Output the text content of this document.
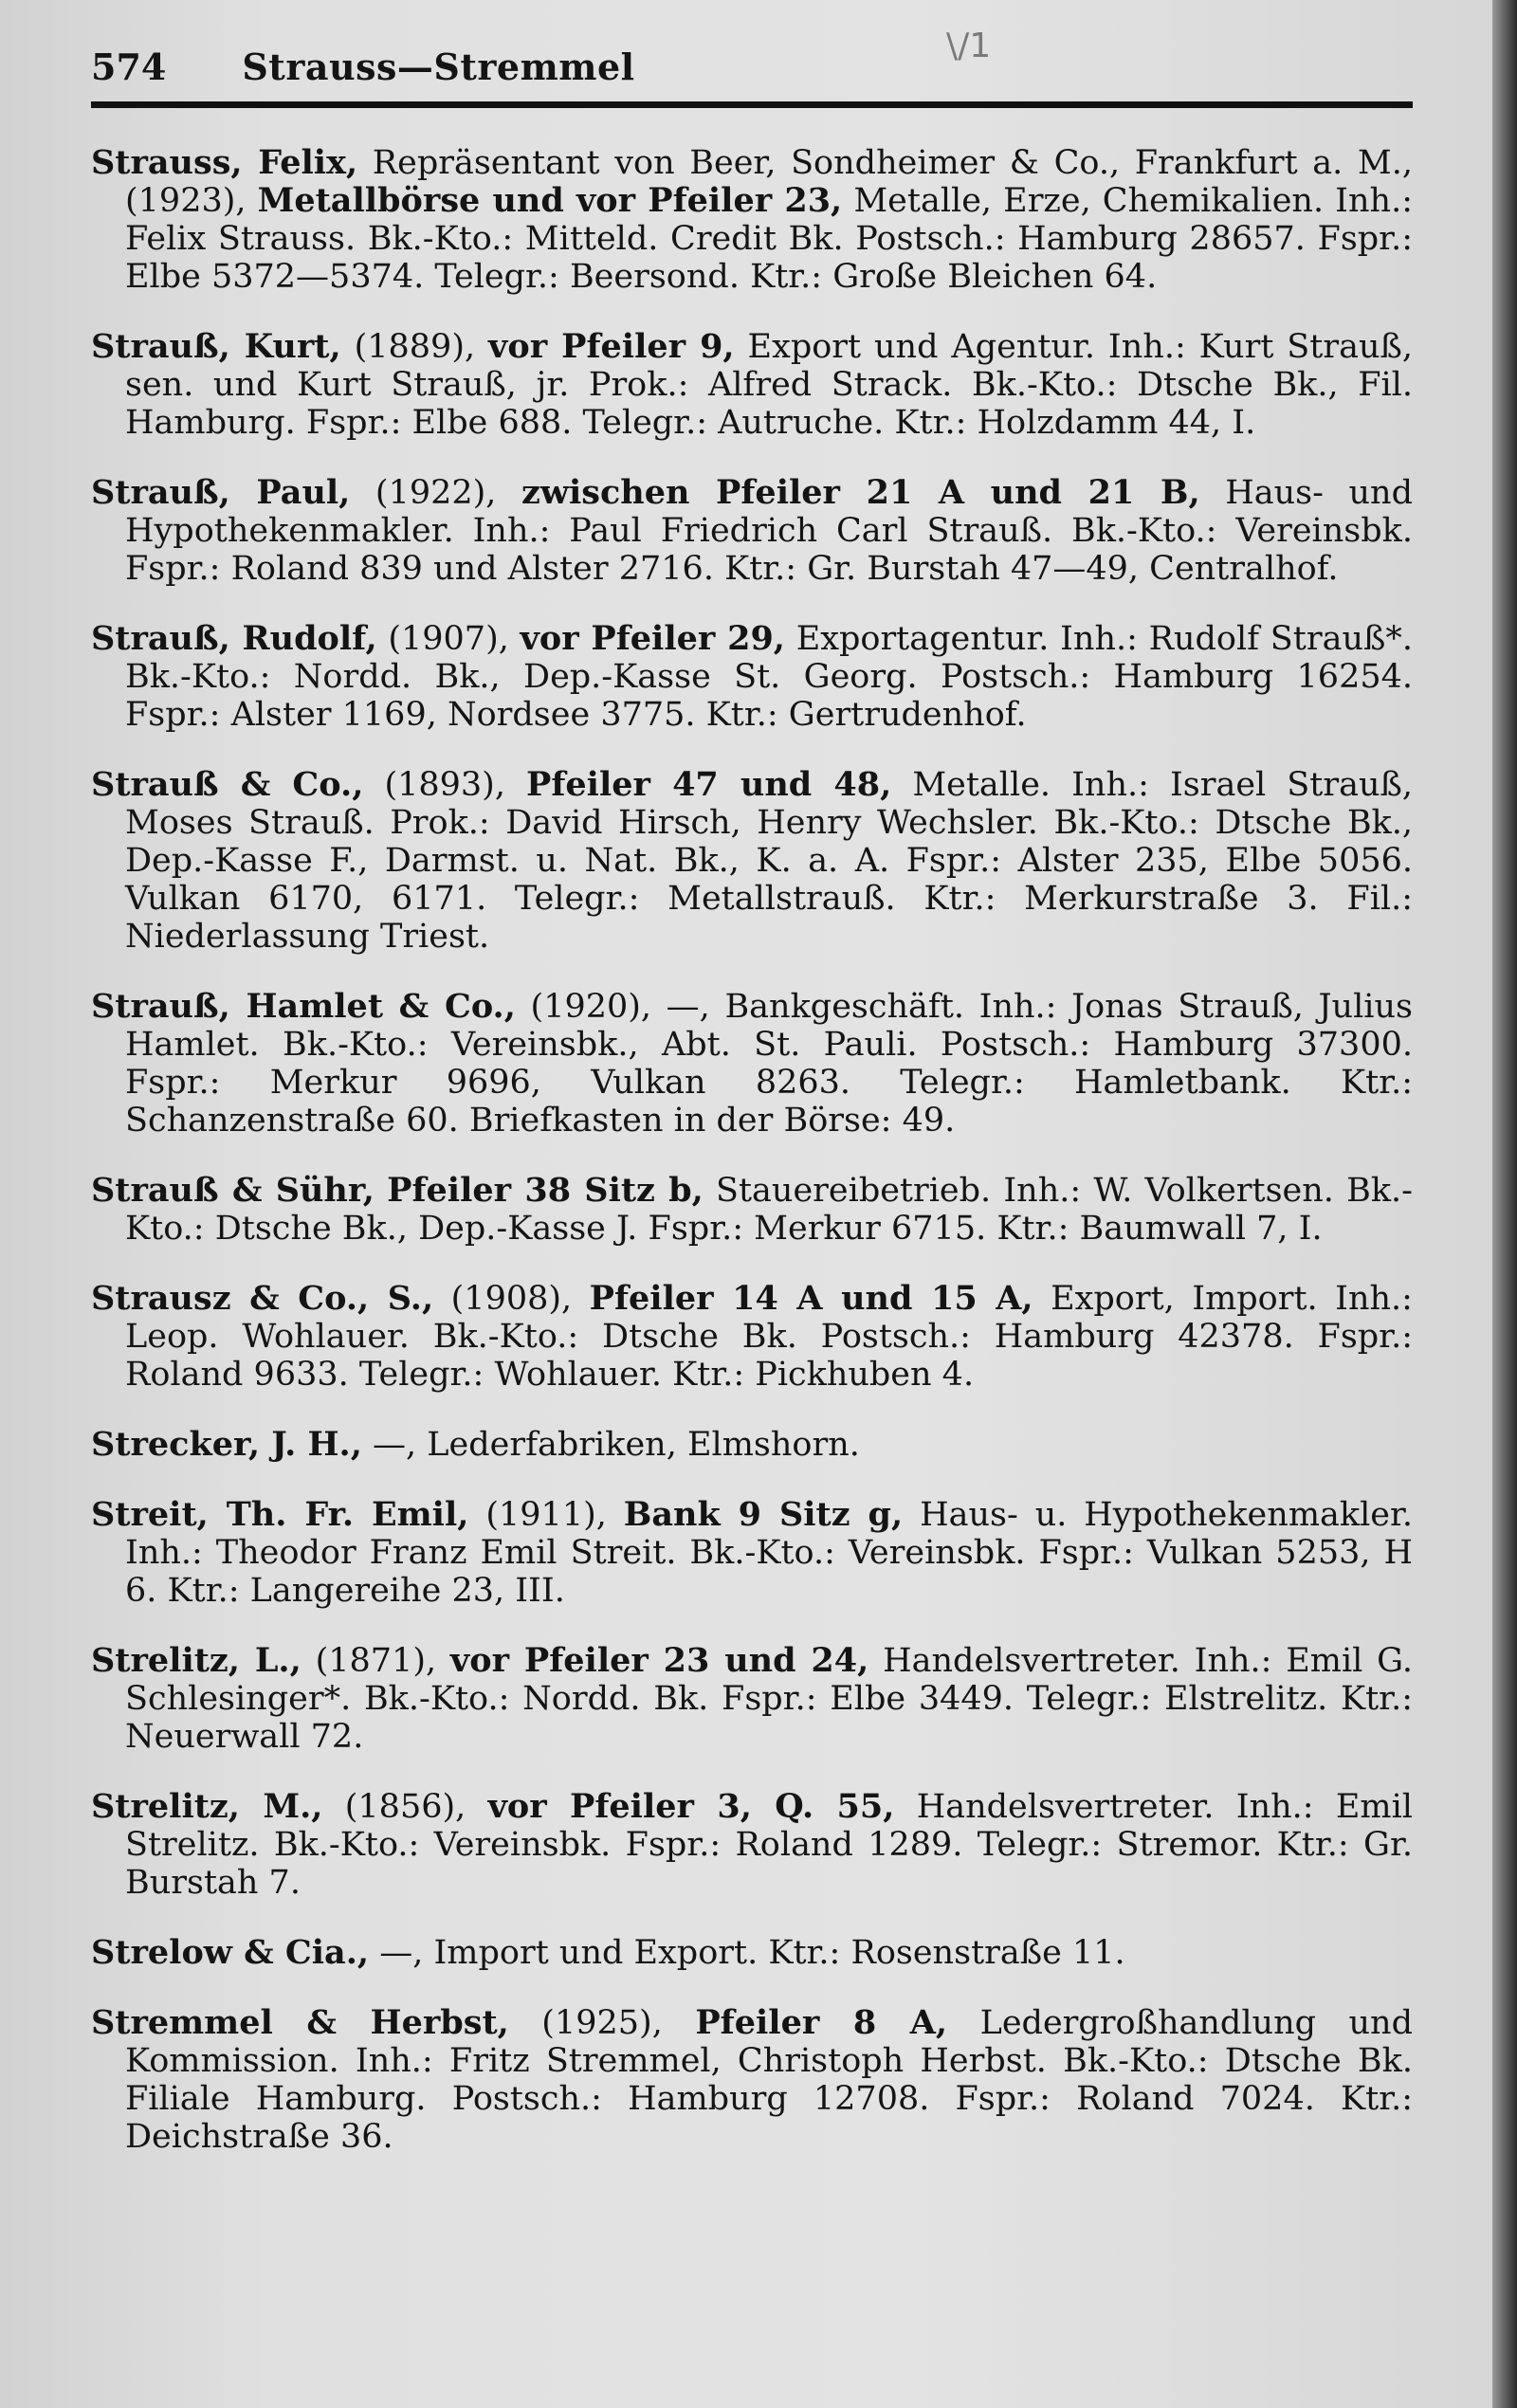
\/1
574 Strauss—Stremmel
Strauss, Felix, Repräsentant von Beer, Sondheimer & Co., Frankfurt a. M., (1923), Metallbörse und vor Pfeiler 23, Metalle, Erze, Chemikalien. Inh.: Felix Strauss. Bk.-Kto.: Mitteld. Credit Bk. Postsch.: Hamburg 28657. Fspr.: Elbe 5372—5374. Telegr.: Beersond. Ktr.: Große Bleichen 64.
Strauß, Kurt, (1889), vor Pfeiler 9, Export und Agentur. Inh.: Kurt Strauß, sen. und Kurt Strauß, jr. Prok.: Alfred Strack. Bk.-Kto.: Dtsche Bk., Fil. Hamburg. Fspr.: Elbe 688. Telegr.: Autruche. Ktr.: Holzdamm 44, I.
Strauß, Paul, (1922), zwischen Pfeiler 21 A und 21 B, Haus- und Hypothekenmakler. Inh.: Paul Friedrich Carl Strauß. Bk.-Kto.: Vereinsbk. Fspr.: Roland 839 und Alster 2716. Ktr.: Gr. Burstah 47—49, Centralhof.
Strauß, Rudolf, (1907), vor Pfeiler 29, Exportagentur. Inh.: Rudolf Strauß*. Bk.-Kto.: Nordd. Bk., Dep.-Kasse St. Georg. Postsch.: Hamburg 16254. Fspr.: Alster 1169, Nordsee 3775. Ktr.: Gertrudenhof.
Strauß & Co., (1893), Pfeiler 47 und 48, Metalle. Inh.: Israel Strauß, Moses Strauß. Prok.: David Hirsch, Henry Wechsler. Bk.-Kto.: Dtsche Bk., Dep.-Kasse F., Darmst. u. Nat. Bk., K. a. A. Fspr.: Alster 235, Elbe 5056. Vulkan 6170, 6171. Telegr.: Metallstrauß. Ktr.: Merkurstraße 3. Fil.: Niederlassung Triest.
Strauß, Hamlet & Co., (1920), —, Bankgeschäft. Inh.: Jonas Strauß, Julius Hamlet. Bk.-Kto.: Vereinsbk., Abt. St. Pauli. Postsch.: Hamburg 37300. Fspr.: Merkur 9696, Vulkan 8263. Telegr.: Hamletbank. Ktr.: Schanzenstraße 60. Briefkasten in der Börse: 49.
Strauß & Sühr, Pfeiler 38 Sitz b, Stauereibetrieb. Inh.: W. Volkertsen. Bk.-Kto.: Dtsche Bk., Dep.-Kasse J. Fspr.: Merkur 6715. Ktr.: Baumwall 7, I.
Strausz & Co., S., (1908), Pfeiler 14 A und 15 A, Export, Import. Inh.: Leop. Wohlauer. Bk.-Kto.: Dtsche Bk. Postsch.: Hamburg 42378. Fspr.: Roland 9633. Telegr.: Wohlauer. Ktr.: Pickhuben 4.
Strecker, J. H., —, Lederfabriken, Elmshorn.
Streit, Th. Fr. Emil, (1911), Bank 9 Sitz g, Haus- u. Hypothekenmakler. Inh.: Theodor Franz Emil Streit. Bk.-Kto.: Vereinsbk. Fspr.: Vulkan 5253, H 6. Ktr.: Langereihe 23, III.
Strelitz, L., (1871), vor Pfeiler 23 und 24, Handelsvertreter. Inh.: Emil G. Schlesinger*. Bk.-Kto.: Nordd. Bk. Fspr.: Elbe 3449. Telegr.: Elstrelitz. Ktr.: Neuerwall 72.
Strelitz, M., (1856), vor Pfeiler 3, Q. 55, Handelsvertreter. Inh.: Emil Strelitz. Bk.-Kto.: Vereinsbk. Fspr.: Roland 1289. Telegr.: Stremor. Ktr.: Gr. Burstah 7.
Strelow & Cia., —, Import und Export. Ktr.: Rosenstraße 11.
Stremmel & Herbst, (1925), Pfeiler 8 A, Ledergroßhandlung und Kommission. Inh.: Fritz Stremmel, Christoph Herbst. Bk.-Kto.: Dtsche Bk. Filiale Hamburg. Postsch.: Hamburg 12708. Fspr.: Roland 7024. Ktr.: Deichstraße 36.
